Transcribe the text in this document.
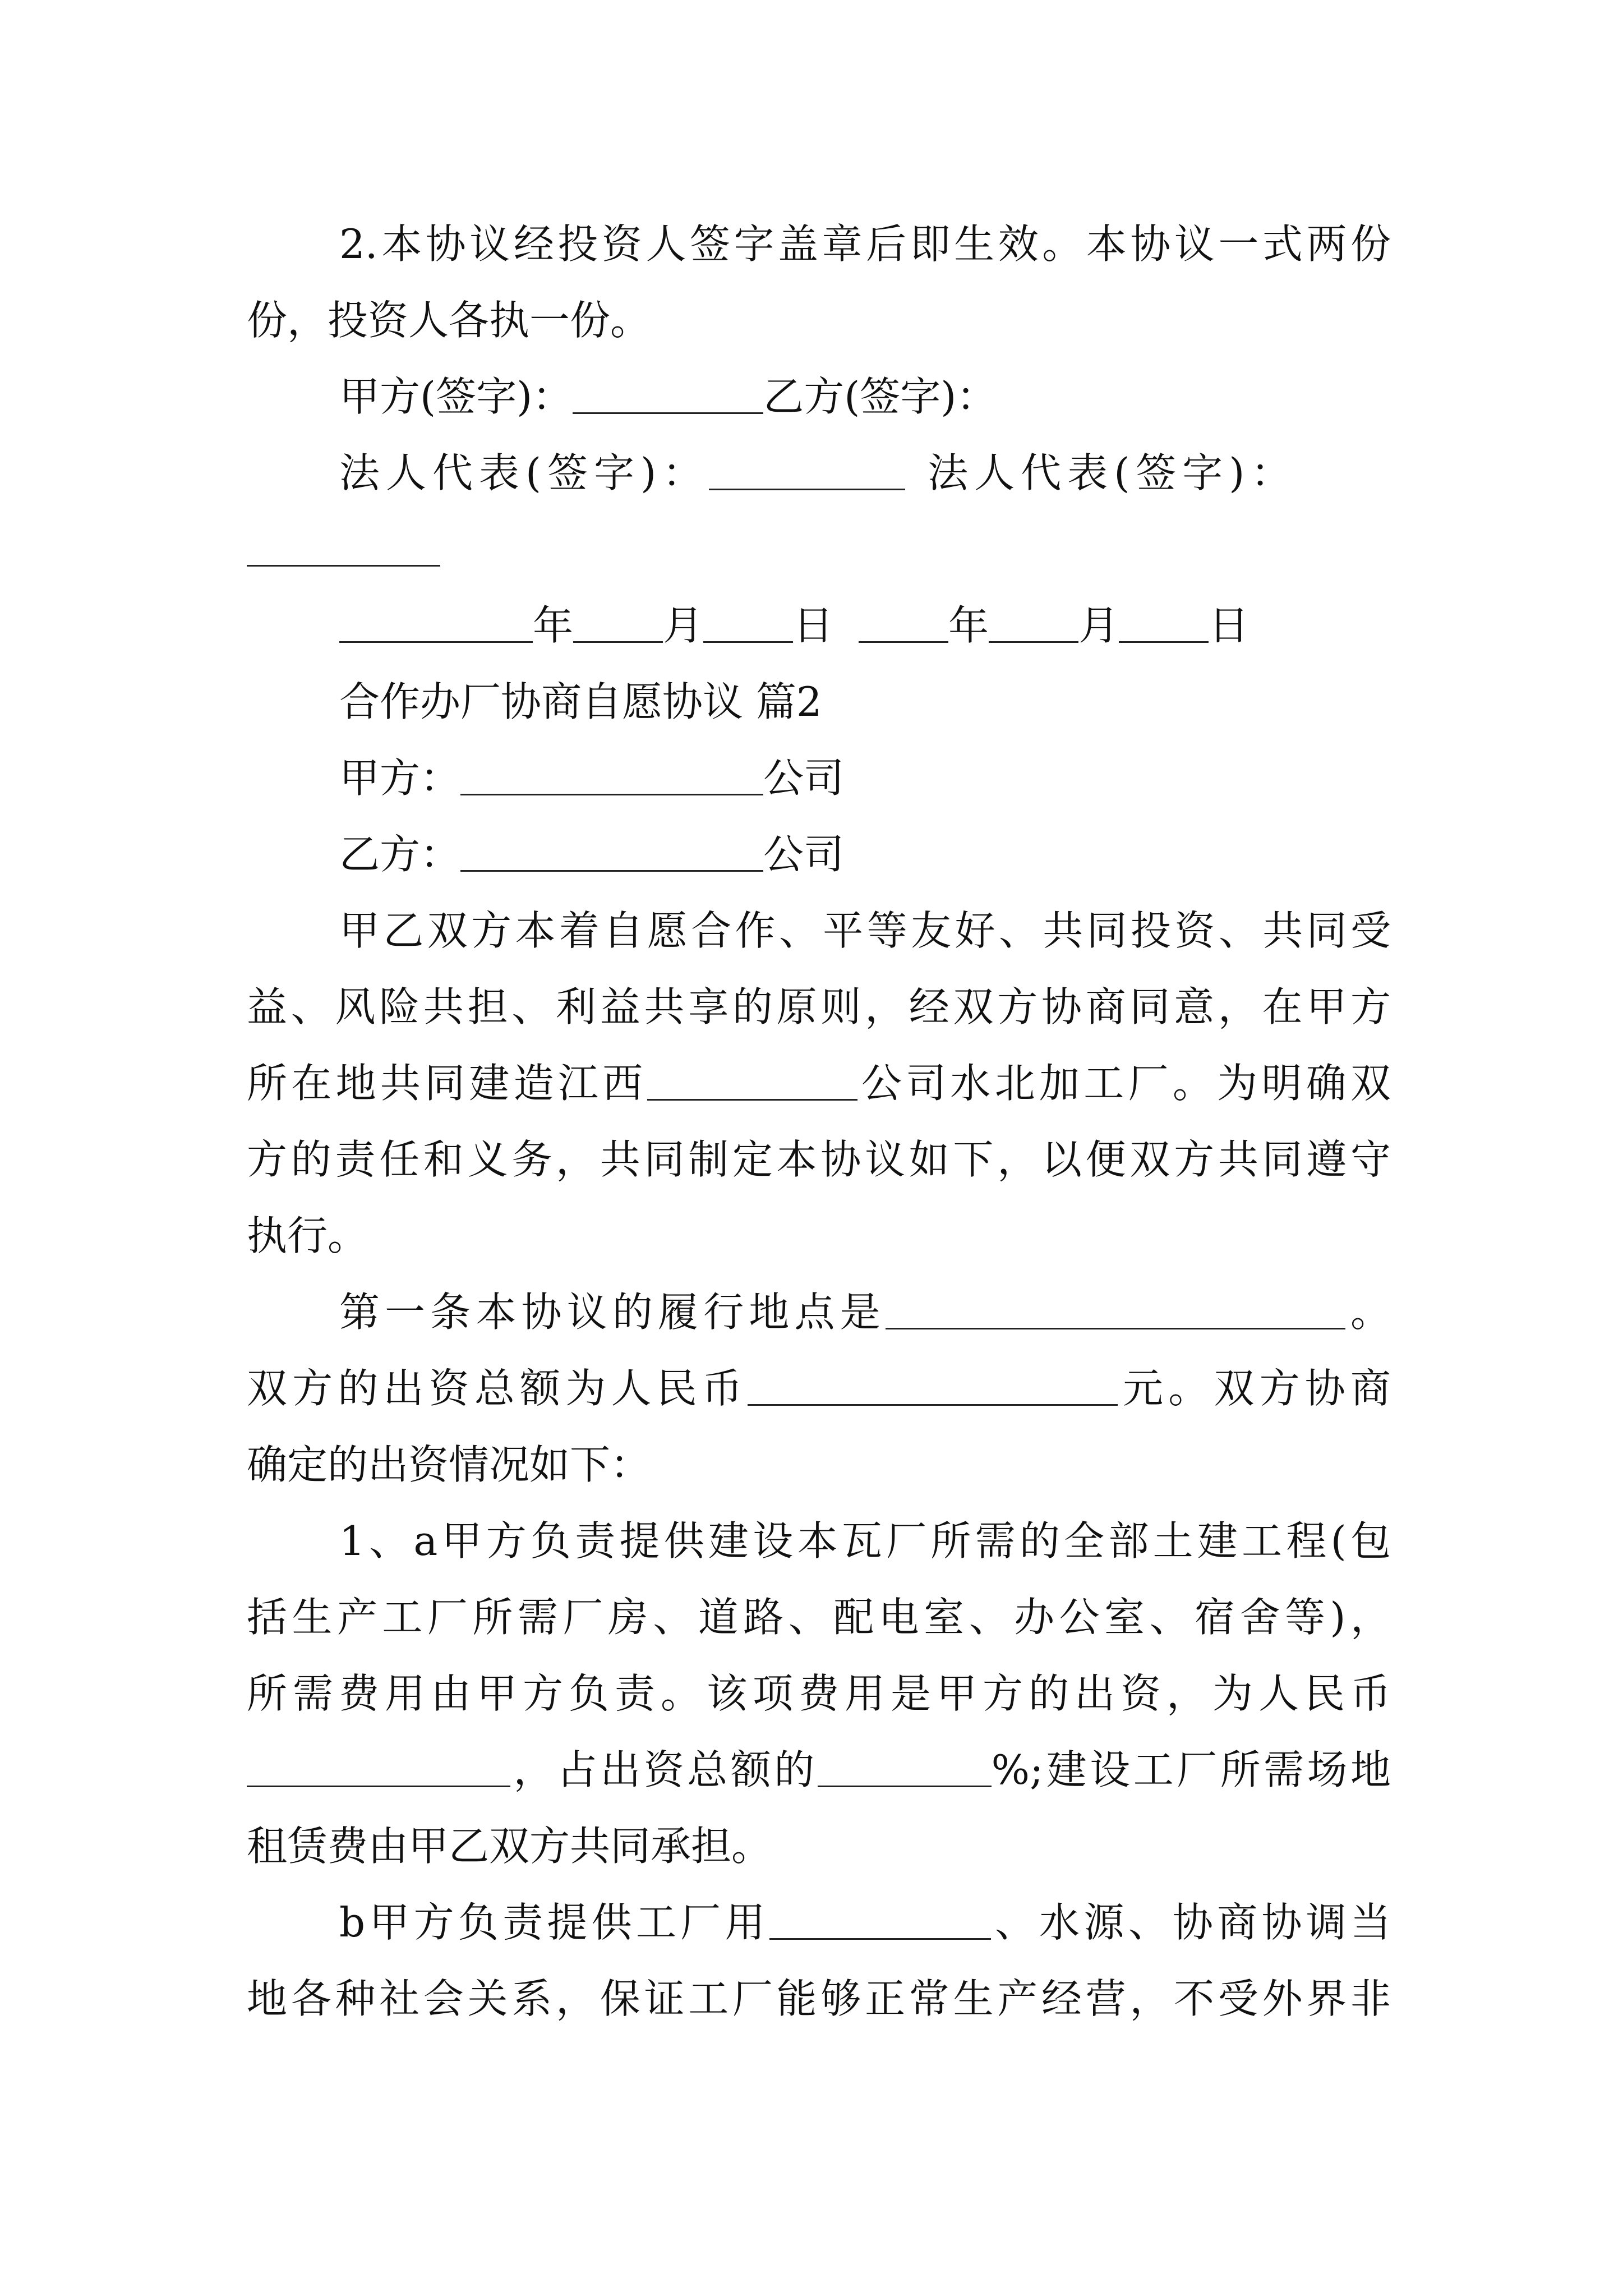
2.本协议经投资人签字盖章后即生效。本协议一式两份
份，投资人各执一份。
甲方(签字)：	乙方(签字)：
法人代表(签字)：	法人代表(签字)：
年 月 日	年 月 日
合作办厂协商自愿协议 篇2
甲方：	公司
乙方：	公司
甲乙双方本着自愿合作、平等友好、共同投资、共同受
益、风险共担、利益共享的原则，经双方协商同意，在甲方
所在地共同建造江西	公司水北加工厂。为明确双
方的责任和义务，共同制定本协议如下，以便双方共同遵守
执行。
第一条本协议的履行地点是	。
双方的出资总额为人民币	元。双方协商
确定的出资情况如下：
1、a甲方负责提供建设本瓦厂所需的全部土建工程(包
括生产工厂所需厂房、道路、配电室、办公室、宿舍等)，
所需费用由甲方负责。该项费用是甲方的出资，为人民币
，占出资总额的	%;建设工厂所需场地
租赁费由甲乙双方共同承担。
b甲方负责提供工厂用	、水源、协商协调当
地各种社会关系，保证工厂能够正常生产经营，不受外界非
